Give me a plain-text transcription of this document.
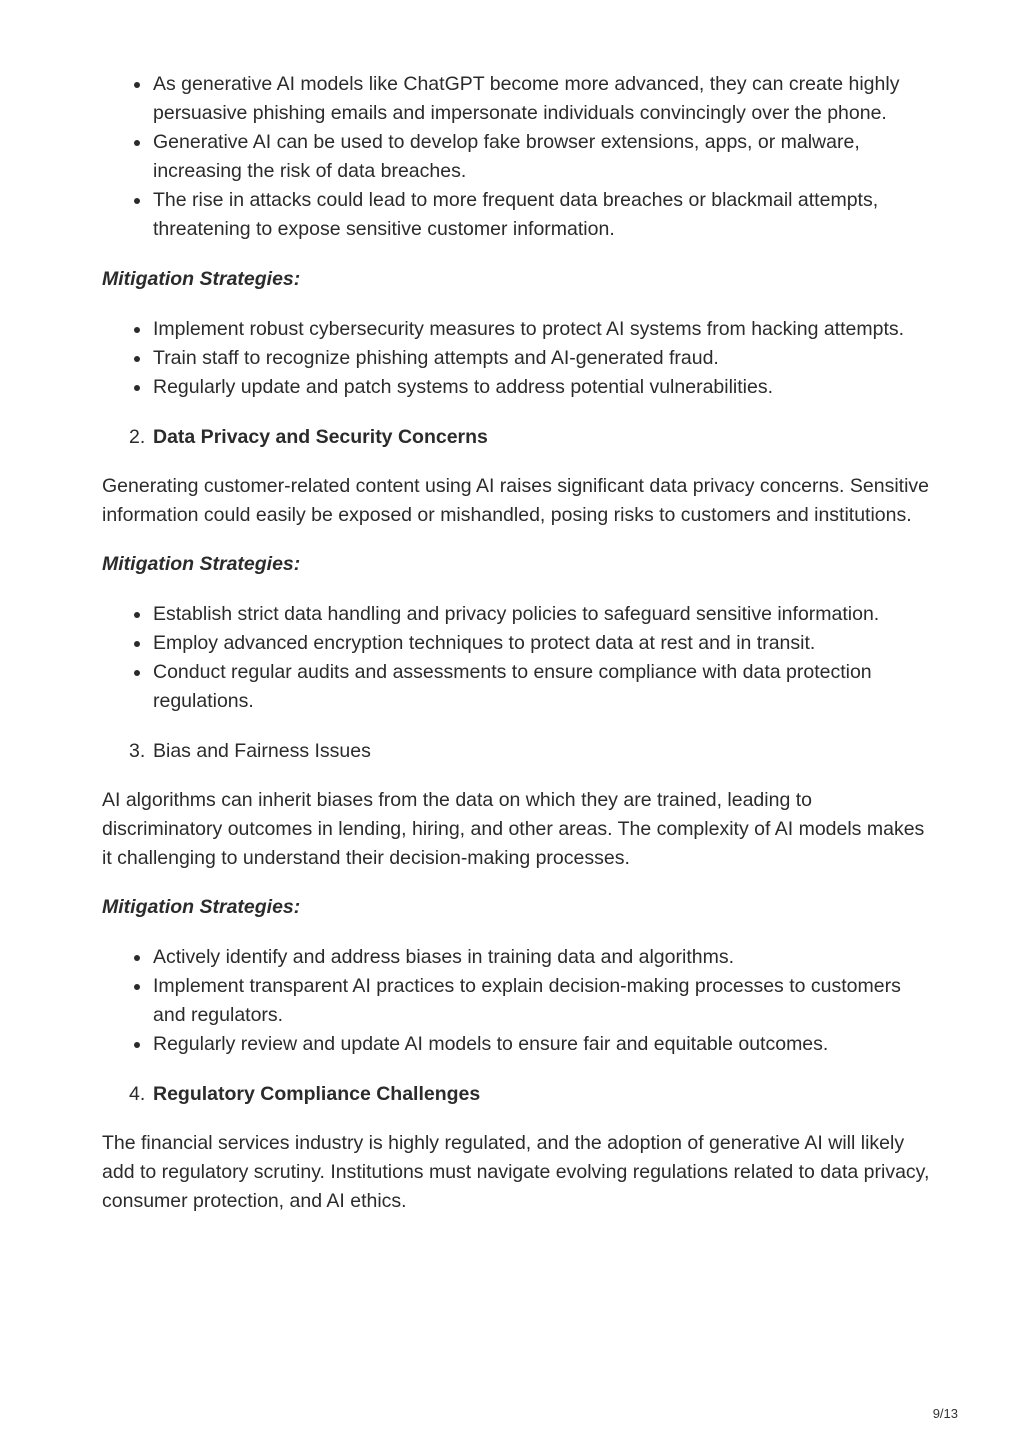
As generative AI models like ChatGPT become more advanced, they can create highly persuasive phishing emails and impersonate individuals convincingly over the phone.
Generative AI can be used to develop fake browser extensions, apps, or malware, increasing the risk of data breaches.
The rise in attacks could lead to more frequent data breaches or blackmail attempts, threatening to expose sensitive customer information.

Mitigation Strategies:

Implement robust cybersecurity measures to protect AI systems from hacking attempts.
Train staff to recognize phishing attempts and AI-generated fraud.
Regularly update and patch systems to address potential vulnerabilities.

2. Data Privacy and Security Concerns

Generating customer-related content using AI raises significant data privacy concerns. Sensitive information could easily be exposed or mishandled, posing risks to customers and institutions.

Mitigation Strategies:

Establish strict data handling and privacy policies to safeguard sensitive information.
Employ advanced encryption techniques to protect data at rest and in transit.
Conduct regular audits and assessments to ensure compliance with data protection regulations.

3. Bias and Fairness Issues

AI algorithms can inherit biases from the data on which they are trained, leading to discriminatory outcomes in lending, hiring, and other areas. The complexity of AI models makes it challenging to understand their decision-making processes.

Mitigation Strategies:

Actively identify and address biases in training data and algorithms.
Implement transparent AI practices to explain decision-making processes to customers and regulators.
Regularly review and update AI models to ensure fair and equitable outcomes.

4. Regulatory Compliance Challenges

The financial services industry is highly regulated, and the adoption of generative AI will likely add to regulatory scrutiny. Institutions must navigate evolving regulations related to data privacy, consumer protection, and AI ethics.

9/13
